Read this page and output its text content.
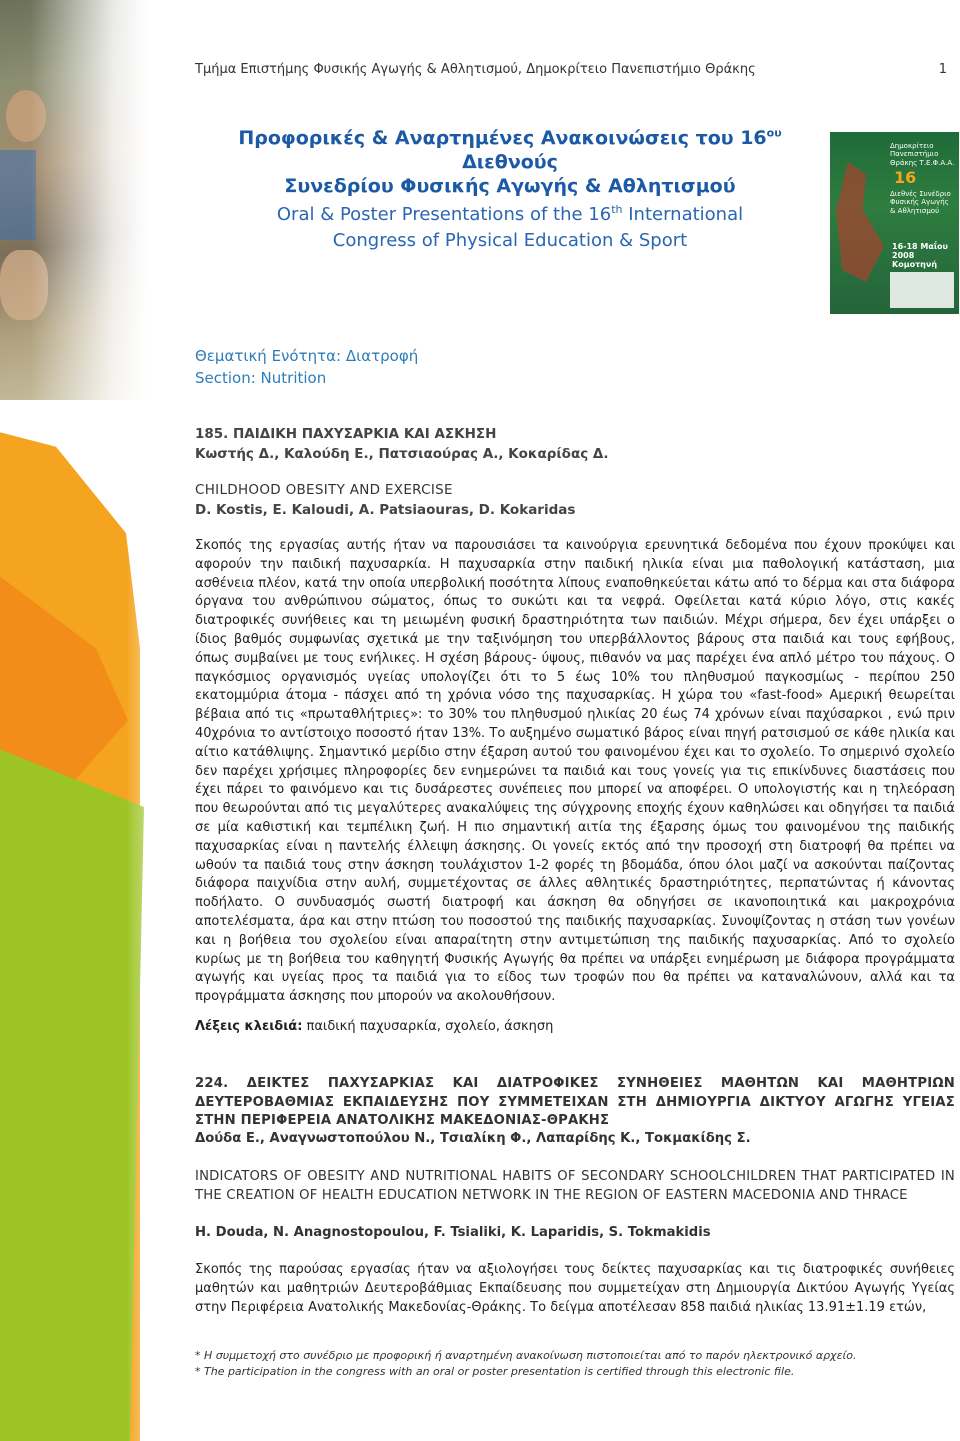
Τμήμα Επιστήμης Φυσικής Αγωγής & Αθλητισμού, Δημοκρίτειο Πανεπιστήμιο Θράκης	1
Δημοκρίτειο Πανεπιστήμιο Θράκης Τ.Ε.Φ.Α.Α.
16
Διεθνές Συνέδριο Φυσικής Αγωγής & Αθλητισμού
16-18 Μαΐου 2008 Κομοτηνή
Προφορικές & Αναρτημένες Ανακοινώσεις του $16^{o\upsilon}$ Διεθνούς
Συνεδρίου Φυσικής Αγωγής & Αθλητισμού
Oral & Poster Presentations of the 16th International
Congress of Physical Education & Sport
Θεματική Ενότητα: Διατροφή
Section: Nutrition
185. ΠΑΙΔΙΚΗ ΠΑΧΥΣΑΡΚΙΑ ΚΑΙ ΑΣΚΗΣΗ
Κωστής Δ., Καλούδη Ε., Πατσιαούρας Α., Κοκαρίδας Δ.
CHILDHOOD OBESITY AND EXERCISE
D. Kostis, E. Kaloudi, A. Patsiaouras, D. Kokaridas
Σκοπός της εργασίας αυτής ήταν να παρουσιάσει τα καινούργια ερευνητικά δεδομένα που έχουν προκύψει και αφορούν την παιδική παχυσαρκία. Η παχυσαρκία στην παιδική ηλικία είναι μια παθολογική κατάσταση, μια ασθένεια πλέον, κατά την οποία υπερβολική ποσότητα λίπους εναποθηκεύεται κάτω από το δέρμα και στα διάφορα όργανα του ανθρώπινου σώματος, όπως το συκώτι και τα νεφρά. Οφείλεται κατά κύριο λόγο, στις κακές διατροφικές συνήθειες και τη μειωμένη φυσική δραστηριότητα των παιδιών. Μέχρι σήμερα, δεν έχει υπάρξει ο ίδιος βαθμός συμφωνίας σχετικά με την ταξινόμηση του υπερβάλλοντος βάρους στα παιδιά και τους εφήβους, όπως συμβαίνει με τους ενήλικες. Η σχέση βάρους- ύψους, πιθανόν να μας παρέχει ένα απλό μέτρο του πάχους. Ο παγκόσμιος οργανισμός υγείας υπολογίζει ότι το 5 έως 10% του πληθυσμού παγκοσμίως - περίπου 250 εκατομμύρια άτομα - πάσχει από τη χρόνια νόσο της παχυσαρκίας. Η χώρα του «fast-food» Αμερική θεωρείται βέβαια από τις «πρωταθλήτριες»: το 30% του πληθυσμού ηλικίας 20 έως 74 χρόνων είναι παχύσαρκοι , ενώ πριν 40χρόνια το αντίστοιχο ποσοστό ήταν 13%. Το αυξημένο σωματικό βάρος είναι πηγή ρατσισμού σε κάθε ηλικία και αίτιο κατάθλιψης. Σημαντικό μερίδιο στην έξαρση αυτού του φαινομένου έχει και το σχολείο. Το σημερινό σχολείο δεν παρέχει χρήσιμες πληροφορίες δεν ενημερώνει τα παιδιά και τους γονείς για τις επικίνδυνες διαστάσεις που έχει πάρει το φαινόμενο και τις δυσάρεστες συνέπειες που μπορεί να αποφέρει. Ο υπολογιστής και η τηλεόραση που θεωρούνται από τις μεγαλύτερες ανακαλύψεις της σύγχρονης εποχής έχουν καθηλώσει και οδηγήσει τα παιδιά σε μία καθιστική και τεμπέλικη ζωή. Η πιο σημαντική αιτία της έξαρσης όμως του φαινομένου της παιδικής παχυσαρκίας είναι η παντελής έλλειψη άσκησης. Οι γονείς εκτός από την προσοχή στη διατροφή θα πρέπει να ωθούν τα παιδιά τους στην άσκηση τουλάχιστον 1-2 φορές τη βδομάδα, όπου όλοι μαζί να ασκούνται παίζοντας διάφορα παιχνίδια στην αυλή, συμμετέχοντας σε άλλες αθλητικές δραστηριότητες, περπατώντας ή κάνοντας ποδήλατο. Ο συνδυασμός σωστή διατροφή και άσκηση θα οδηγήσει σε ικανοποιητικά και μακροχρόνια αποτελέσματα, άρα και στην πτώση του ποσοστού της παιδικής παχυσαρκίας. Συνοψίζοντας η στάση των γονέων και η βοήθεια του σχολείου είναι απαραίτητη στην αντιμετώπιση της παιδικής παχυσαρκίας. Από το σχολείο κυρίως με τη βοήθεια του καθηγητή Φυσικής Αγωγής θα πρέπει να υπάρξει ενημέρωση με διάφορα προγράμματα αγωγής και υγείας προς τα παιδιά για το είδος των τροφών που θα πρέπει να καταναλώνουν, αλλά και τα προγράμματα άσκησης που μπορούν να ακολουθήσουν.
Λέξεις κλειδιά: παιδική παχυσαρκία, σχολείο, άσκηση
224. ΔΕΙΚΤΕΣ ΠΑΧΥΣΑΡΚΙΑΣ ΚΑΙ ΔΙΑΤΡΟΦΙΚΕΣ ΣΥΝΗΘΕΙΕΣ ΜΑΘΗΤΩΝ ΚΑΙ ΜΑΘΗΤΡΙΩΝ ΔΕΥΤΕΡΟΒΑΘΜΙΑΣ ΕΚΠΑΙΔΕΥΣΗΣ ΠΟΥ ΣΥΜΜΕΤΕΙΧΑΝ ΣΤΗ ΔΗΜΙΟΥΡΓΙΑ ΔΙΚΤΥΟΥ ΑΓΩΓΗΣ ΥΓΕΙΑΣ ΣΤΗΝ ΠΕΡΙΦΕΡΕΙΑ ΑΝΑΤΟΛΙΚΗΣ ΜΑΚΕΔΟΝΙΑΣ-ΘΡΑΚΗΣ
Δούδα Ε., Αναγνωστοπούλου Ν., Τσιαλίκη Φ., Λαπαρίδης Κ., Τοκμακίδης Σ.
INDICATORS OF OBESITY AND NUTRITIONAL HABITS OF SECONDARY SCHOOLCHILDREN THAT PARTICIPATED IN THE CREATION OF HEALTH EDUCATION NETWORK IN THE REGION OF EASTERN MACEDONIA AND THRACE
H. Douda, N. Anagnostopoulou, F. Tsialiki, K. Laparidis, S. Tokmakidis
Σκοπός της παρούσας εργασίας ήταν να αξιολογήσει τους δείκτες παχυσαρκίας και τις διατροφικές συνήθειες μαθητών και μαθητριών Δευτεροβάθμιας Εκπαίδευσης που συμμετείχαν στη Δημιουργία Δικτύου Αγωγής Υγείας στην Περιφέρεια Ανατολικής Μακεδονίας-Θράκης. Το δείγμα αποτέλεσαν 858 παιδιά ηλικίας 13.91±1.19 ετών,
* Η συμμετοχή στο συνέδριο με προφορική ή αναρτημένη ανακοίνωση πιστοποιείται από το παρόν ηλεκτρονικό αρχείο.
* The participation in the congress with an oral or poster presentation is certified through this electronic file.
